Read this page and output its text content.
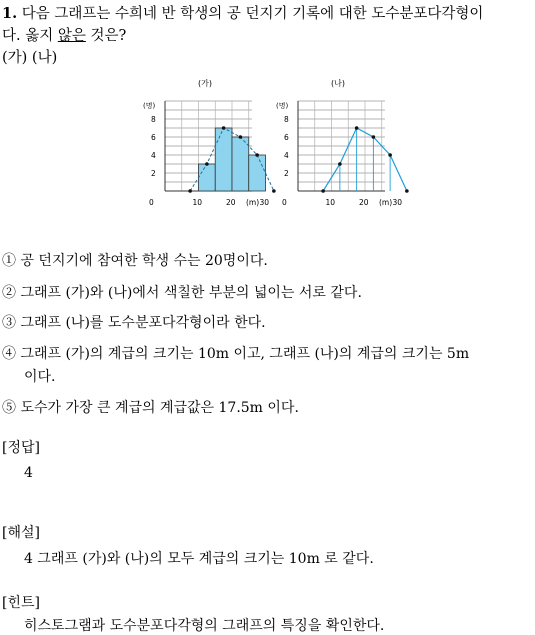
1. 다음 그래프는 수희네 반 학생의 공 던지기 기록에 대한 도수분포다각형이
다. 옳지 않은 것은?
(가) (나)
(가)
(명)
2
4
6
8
0	10	20	30
(m)
(나)
(명)
2
4
6
8
0	10	20	30
(m)
① 공 던지기에 참여한 학생 수는 20명이다.
② 그래프 (가)와 (나)에서 색칠한 부분의 넓이는 서로 같다.
③ 그래프 (나)를 도수분포다각형이라 한다.
④ 그래프 (가)의 계급의 크기는 10m 이고, 그래프 (나)의 계급의 크기는 5m
이다.
⑤ 도수가 가장 큰 계급의 계급값은 17.5m 이다.
[정답]
4
[해설]
4 그래프 (가)와 (나)의 모두 계급의 크기는 10m 로 같다.
[힌트]
히스토그램과 도수분포다각형의 그래프의 특징을 확인한다.
